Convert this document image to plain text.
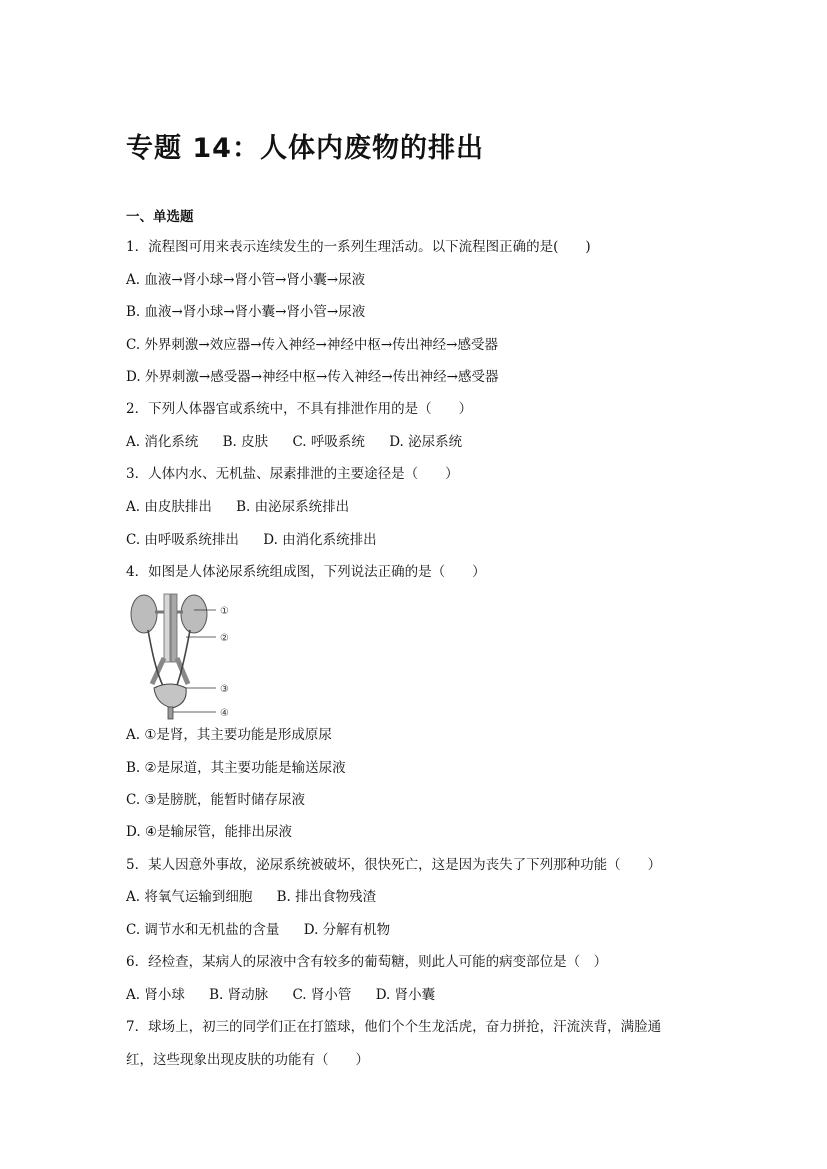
专题 14：人体内废物的排出
一、单选题
1．流程图可用来表示连续发生的一系列生理活动。以下流程图正确的是(　　)
A. 血液→肾小球→肾小管→肾小囊→尿液
B. 血液→肾小球→肾小囊→肾小管→尿液
C. 外界刺激→效应器→传入神经→神经中枢→传出神经→感受器
D. 外界刺激→感受器→神经中枢→传入神经→传出神经→感受器
2．下列人体器官或系统中，不具有排泄作用的是（　　）
A. 消化系统 B. 皮肤 C. 呼吸系统 D. 泌尿系统
3．人体内水、无机盐、尿素排泄的主要途径是（　　）
A. 由皮肤排出 B. 由泌尿系统排出
C. 由呼吸系统排出 D. 由消化系统排出
4．如图是人体泌尿系统组成图，下列说法正确的是（　　）
①
②
③
④
A. ①是肾，其主要功能是形成原尿
B. ②是尿道，其主要功能是输送尿液
C. ③是膀胱，能暂时储存尿液
D. ④是输尿管，能排出尿液
5．某人因意外事故，泌尿系统被破坏，很快死亡，这是因为丧失了下列那种功能（　　）
A. 将氧气运输到细胞 B. 排出食物残渣
C. 调节水和无机盐的含量 D. 分解有机物
6．经检查，某病人的尿液中含有较多的葡萄糖，则此人可能的病变部位是（　）
A. 肾小球 B. 肾动脉 C. 肾小管 D. 肾小囊
7．球场上，初三的同学们正在打篮球，他们个个生龙活虎，奋力拼抢，汗流浃背，满脸通
红，这些现象出现皮肤的功能有（　　）
